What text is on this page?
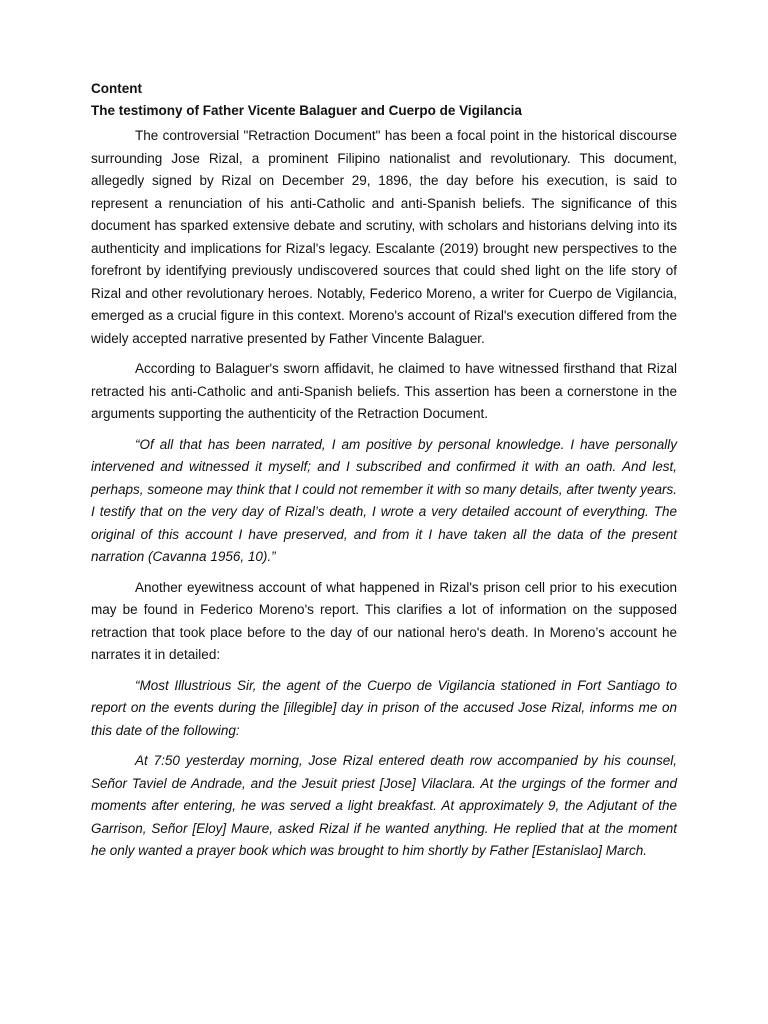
Content

The testimony of Father Vicente Balaguer and Cuerpo de Vigilancia

The controversial "Retraction Document" has been a focal point in the historical discourse surrounding Jose Rizal, a prominent Filipino nationalist and revolutionary. This document, allegedly signed by Rizal on December 29, 1896, the day before his execution, is said to represent a renunciation of his anti-Catholic and anti-Spanish beliefs. The significance of this document has sparked extensive debate and scrutiny, with scholars and historians delving into its authenticity and implications for Rizal's legacy. Escalante (2019) brought new perspectives to the forefront by identifying previously undiscovered sources that could shed light on the life story of Rizal and other revolutionary heroes. Notably, Federico Moreno, a writer for Cuerpo de Vigilancia, emerged as a crucial figure in this context. Moreno's account of Rizal's execution differed from the widely accepted narrative presented by Father Vincente Balaguer.

According to Balaguer's sworn affidavit, he claimed to have witnessed firsthand that Rizal retracted his anti-Catholic and anti-Spanish beliefs. This assertion has been a cornerstone in the arguments supporting the authenticity of the Retraction Document.

“Of all that has been narrated, I am positive by personal knowledge. I have personally intervened and witnessed it myself; and I subscribed and confirmed it with an oath. And lest, perhaps, someone may think that I could not remember it with so many details, after twenty years. I testify that on the very day of Rizal’s death, I wrote a very detailed account of everything. The original of this account I have preserved, and from it I have taken all the data of the present narration (Cavanna 1956, 10).”

Another eyewitness account of what happened in Rizal's prison cell prior to his execution may be found in Federico Moreno's report. This clarifies a lot of information on the supposed retraction that took place before to the day of our national hero's death. In Moreno’s account he narrates it in detailed:

“Most Illustrious Sir, the agent of the Cuerpo de Vigilancia stationed in Fort Santiago to report on the events during the [illegible] day in prison of the accused Jose Rizal, informs me on this date of the following:

At 7:50 yesterday morning, Jose Rizal entered death row accompanied by his counsel, Señor Taviel de Andrade, and the Jesuit priest [Jose] Vilaclara. At the urgings of the former and moments after entering, he was served a light breakfast. At approximately 9, the Adjutant of the Garrison, Señor [Eloy] Maure, asked Rizal if he wanted anything. He replied that at the moment he only wanted a prayer book which was brought to him shortly by Father [Estanislao] March.
